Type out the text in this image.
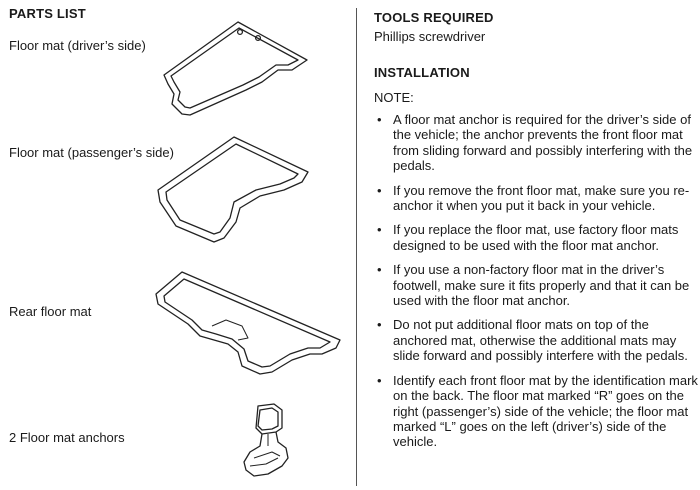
PARTS LIST
Floor mat (driver’s side)
Floor mat (passenger’s side)
Rear floor mat
2 Floor mat anchors
TOOLS REQUIRED
Phillips screwdriver
INSTALLATION
NOTE:
• A floor mat anchor is required for the driver’s side of the vehicle; the anchor prevents the front floor mat from sliding forward and possibly interfering with the pedals.
• If you remove the front floor mat, make sure you re-anchor it when you put it back in your vehicle.
• If you replace the floor mat, use factory floor mats designed to be used with the floor mat anchor.
• If you use a non-factory floor mat in the driver’s footwell, make sure it fits properly and that it can be used with the floor mat anchor.
• Do not put additional floor mats on top of the anchored mat, otherwise the additional mats may slide forward and possibly interfere with the pedals.
• Identify each front floor mat by the identification mark on the back. The floor mat marked “R” goes on the right (passenger’s) side of the vehicle; the floor mat marked “L” goes on the left (driver’s) side of the vehicle.
